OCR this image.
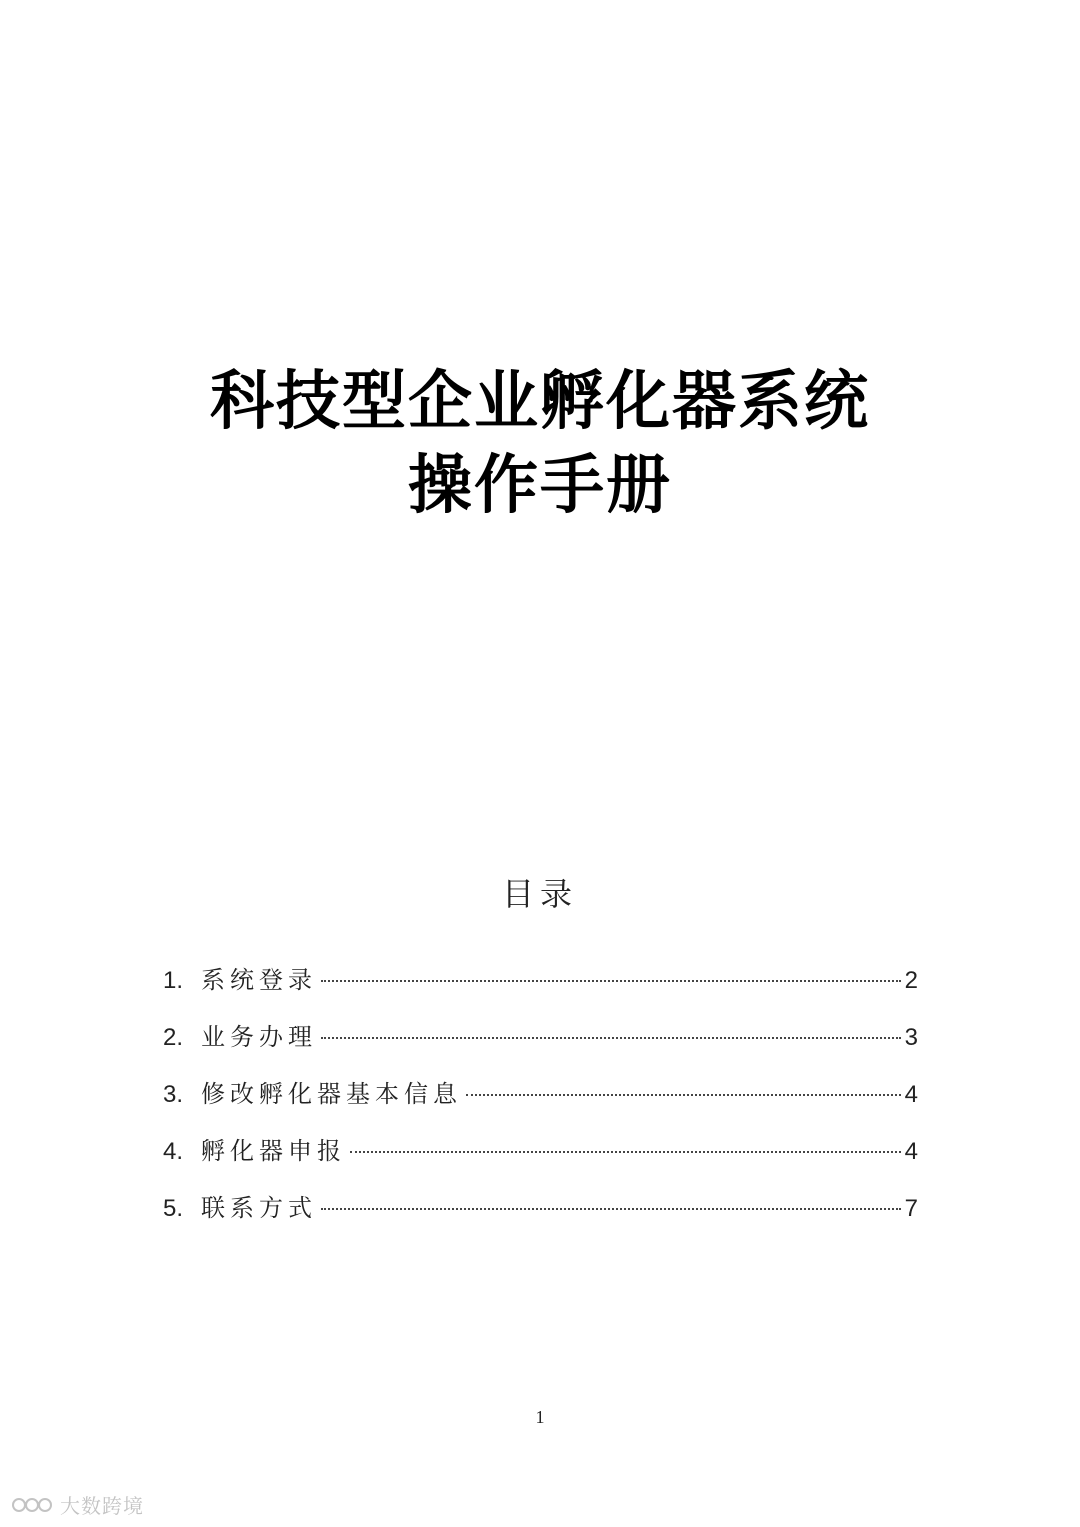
科技型企业孵化器系统
操作手册
目录
1. 系统登录	2
2. 业务办理	3
3. 修改孵化器基本信息	4
4. 孵化器申报	4
5. 联系方式	7
1
大数跨境
